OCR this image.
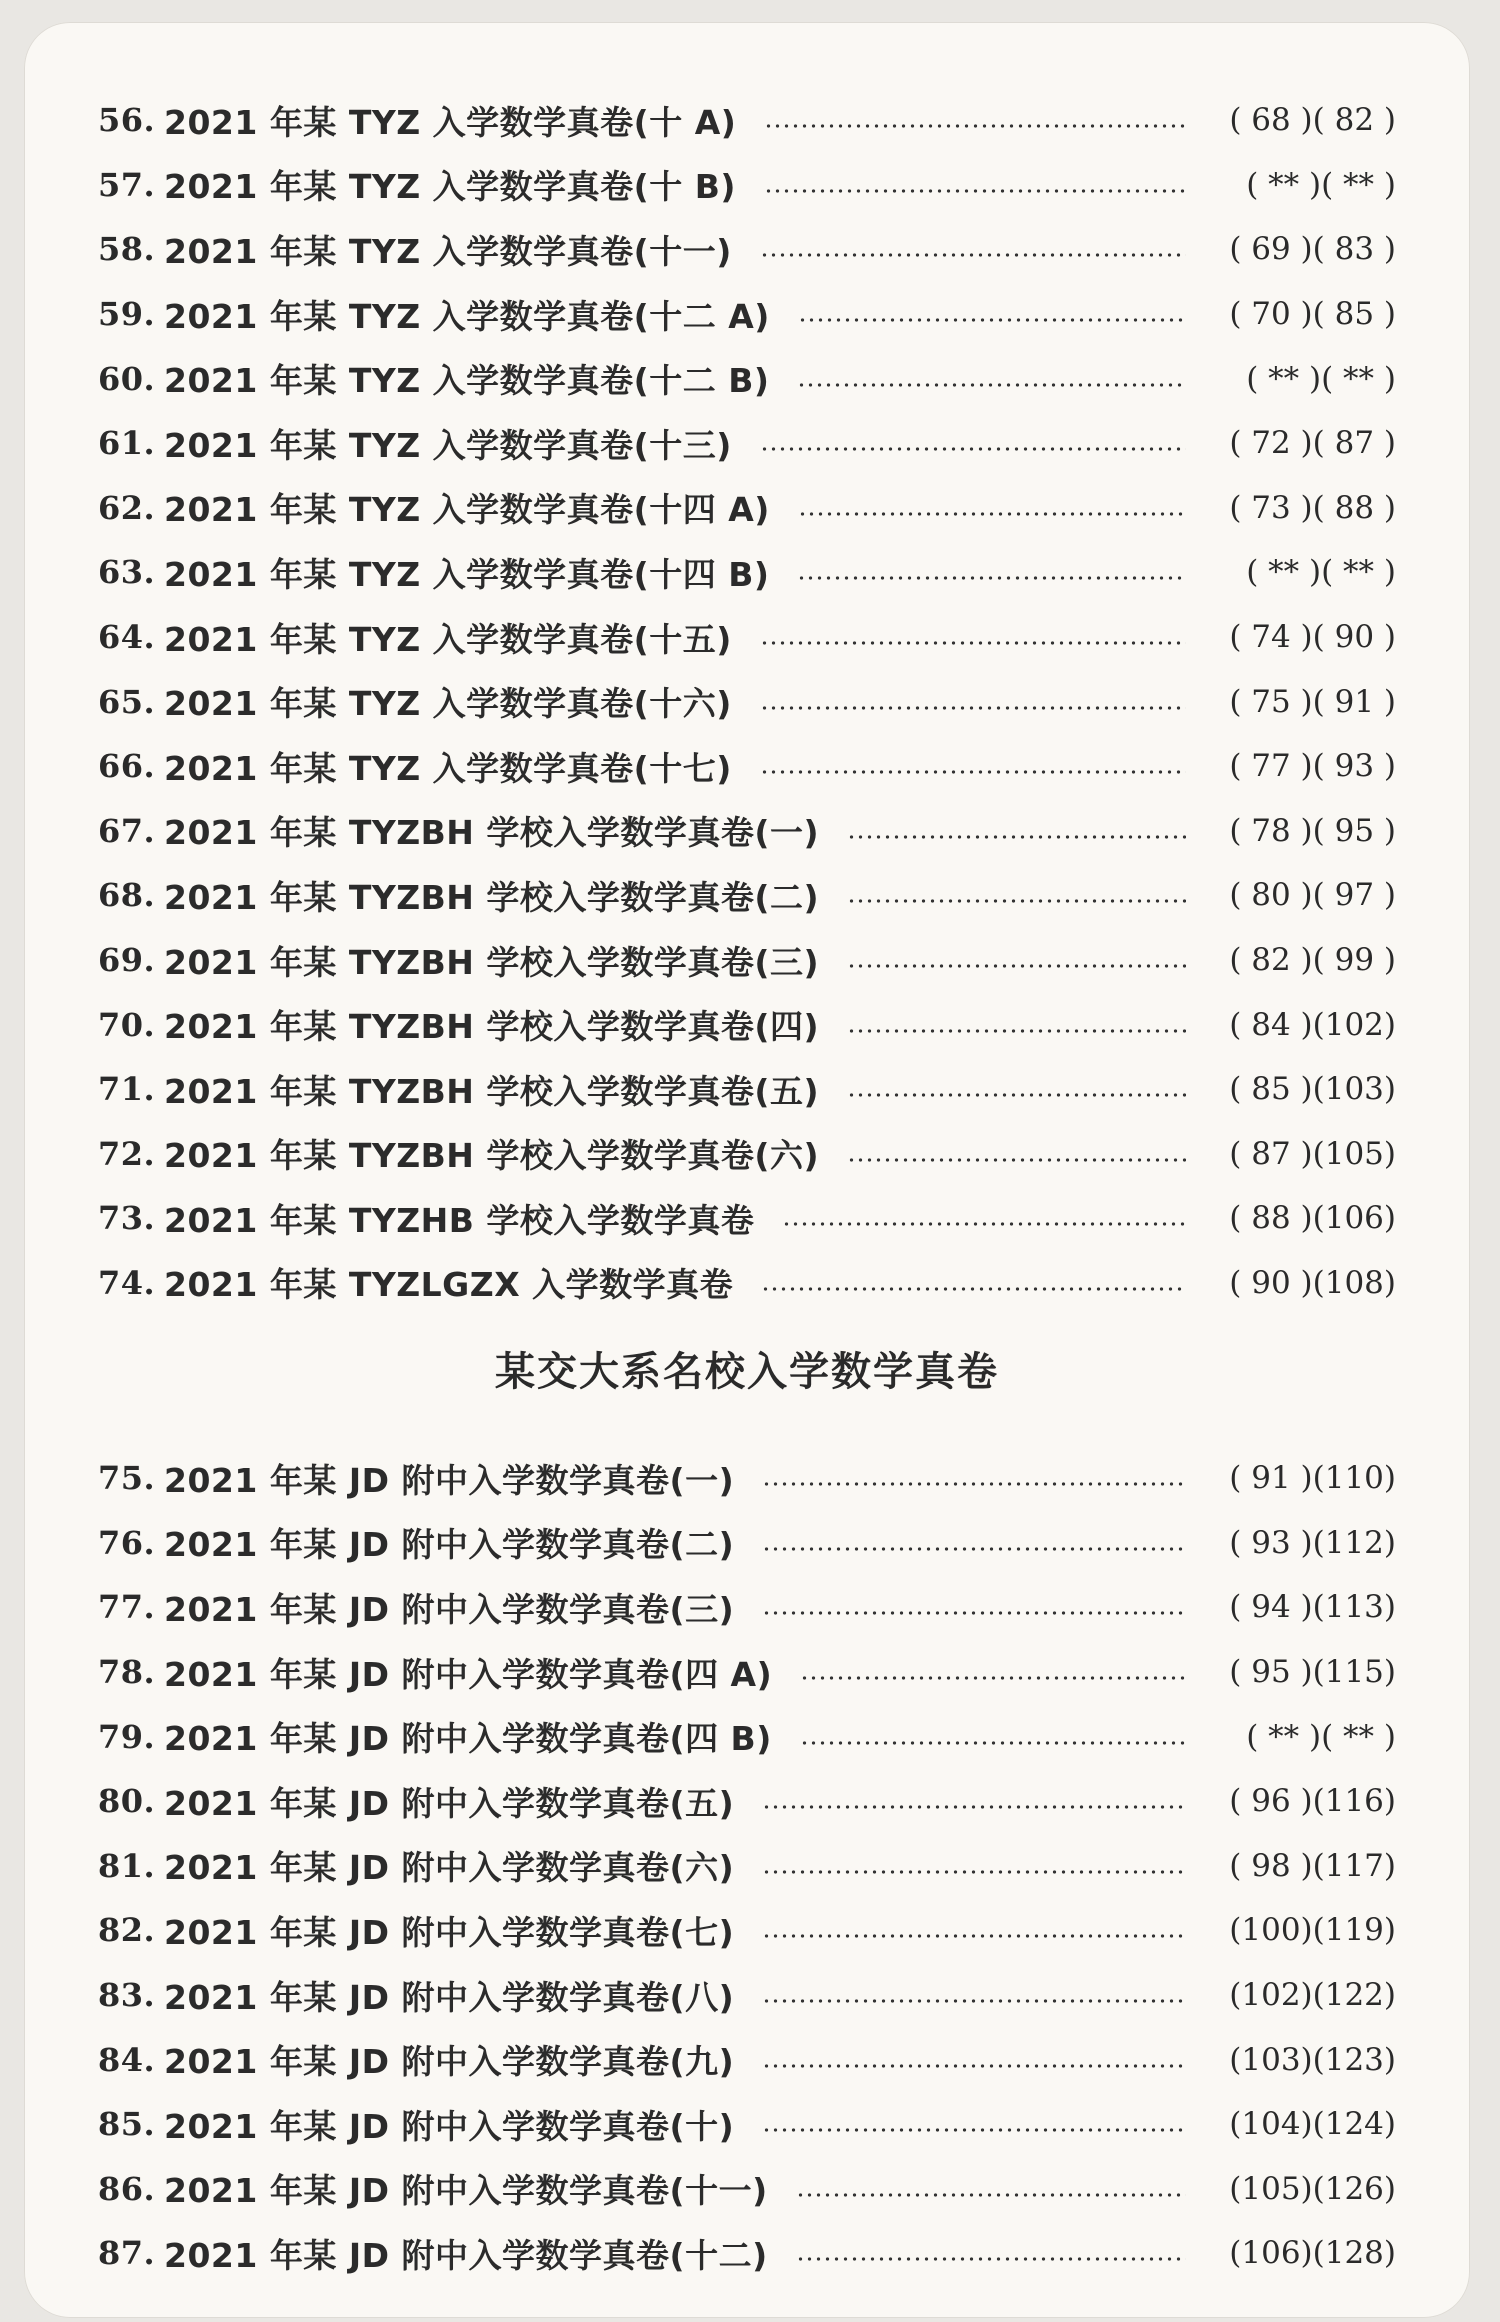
56. 2021 年某 TYZ 入学数学真卷(十 A)	( 68 )( 82 )
57. 2021 年某 TYZ 入学数学真卷(十 B)	( ** )( ** )
58. 2021 年某 TYZ 入学数学真卷(十一)	( 69 )( 83 )
59. 2021 年某 TYZ 入学数学真卷(十二 A)	( 70 )( 85 )
60. 2021 年某 TYZ 入学数学真卷(十二 B)	( ** )( ** )
61. 2021 年某 TYZ 入学数学真卷(十三)	( 72 )( 87 )
62. 2021 年某 TYZ 入学数学真卷(十四 A)	( 73 )( 88 )
63. 2021 年某 TYZ 入学数学真卷(十四 B)	( ** )( ** )
64. 2021 年某 TYZ 入学数学真卷(十五)	( 74 )( 90 )
65. 2021 年某 TYZ 入学数学真卷(十六)	( 75 )( 91 )
66. 2021 年某 TYZ 入学数学真卷(十七)	( 77 )( 93 )
67. 2021 年某 TYZBH 学校入学数学真卷(一)	( 78 )( 95 )
68. 2021 年某 TYZBH 学校入学数学真卷(二)	( 80 )( 97 )
69. 2021 年某 TYZBH 学校入学数学真卷(三)	( 82 )( 99 )
70. 2021 年某 TYZBH 学校入学数学真卷(四)	( 84 )(102)
71. 2021 年某 TYZBH 学校入学数学真卷(五)	( 85 )(103)
72. 2021 年某 TYZBH 学校入学数学真卷(六)	( 87 )(105)
73. 2021 年某 TYZHB 学校入学数学真卷	( 88 )(106)
74. 2021 年某 TYZLGZX 入学数学真卷	( 90 )(108)
某交大系名校入学数学真卷
75. 2021 年某 JD 附中入学数学真卷(一)	( 91 )(110)
76. 2021 年某 JD 附中入学数学真卷(二)	( 93 )(112)
77. 2021 年某 JD 附中入学数学真卷(三)	( 94 )(113)
78. 2021 年某 JD 附中入学数学真卷(四 A)	( 95 )(115)
79. 2021 年某 JD 附中入学数学真卷(四 B)	( ** )( ** )
80. 2021 年某 JD 附中入学数学真卷(五)	( 96 )(116)
81. 2021 年某 JD 附中入学数学真卷(六)	( 98 )(117)
82. 2021 年某 JD 附中入学数学真卷(七)	(100)(119)
83. 2021 年某 JD 附中入学数学真卷(八)	(102)(122)
84. 2021 年某 JD 附中入学数学真卷(九)	(103)(123)
85. 2021 年某 JD 附中入学数学真卷(十)	(104)(124)
86. 2021 年某 JD 附中入学数学真卷(十一)	(105)(126)
87. 2021 年某 JD 附中入学数学真卷(十二)	(106)(128)
